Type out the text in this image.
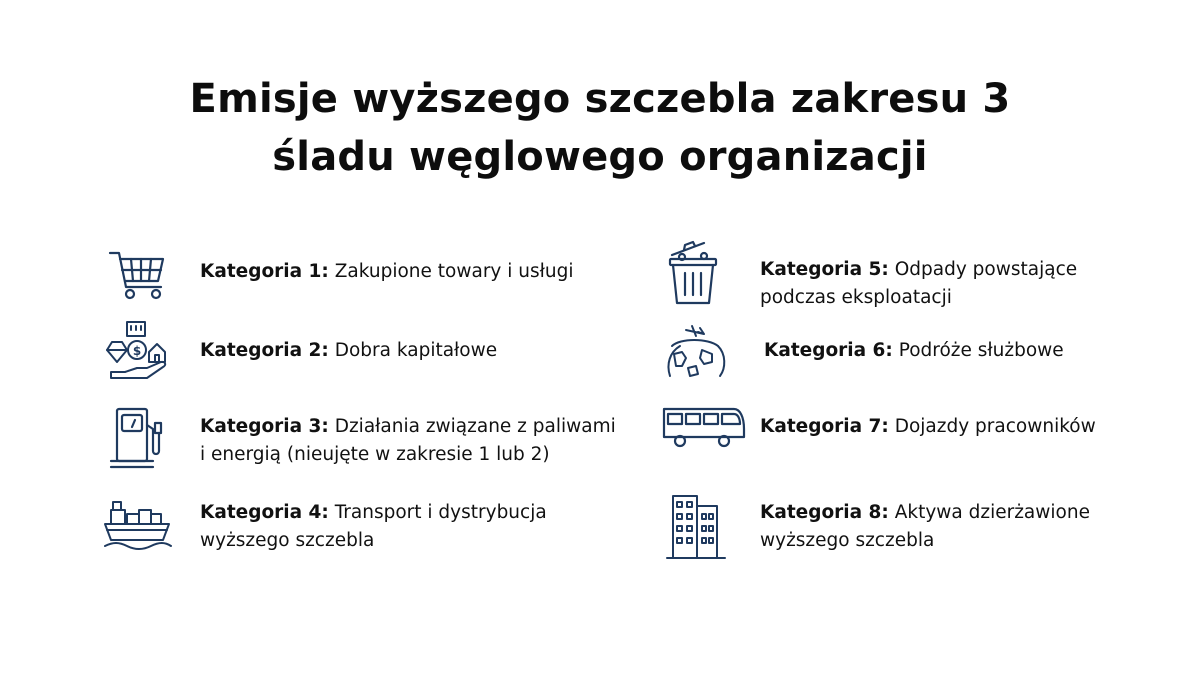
Emisje wyższego szczebla zakresu 3
śladu węglowego organizacji
Kategoria 1: Zakupione towary i usługi
$	Kategoria 2: Dobra kapitałowe
Kategoria 3: Działania związane z paliwami
i energią (nieujęte w zakresie 1 lub 2)
Kategoria 4: Transport i dystrybucja
wyższego szczebla
Kategoria 5: Odpady powstające
podczas eksploatacji
Kategoria 6: Podróże służbowe
Kategoria 7: Dojazdy pracowników
Kategoria 8: Aktywa dzierżawione
wyższego szczebla
